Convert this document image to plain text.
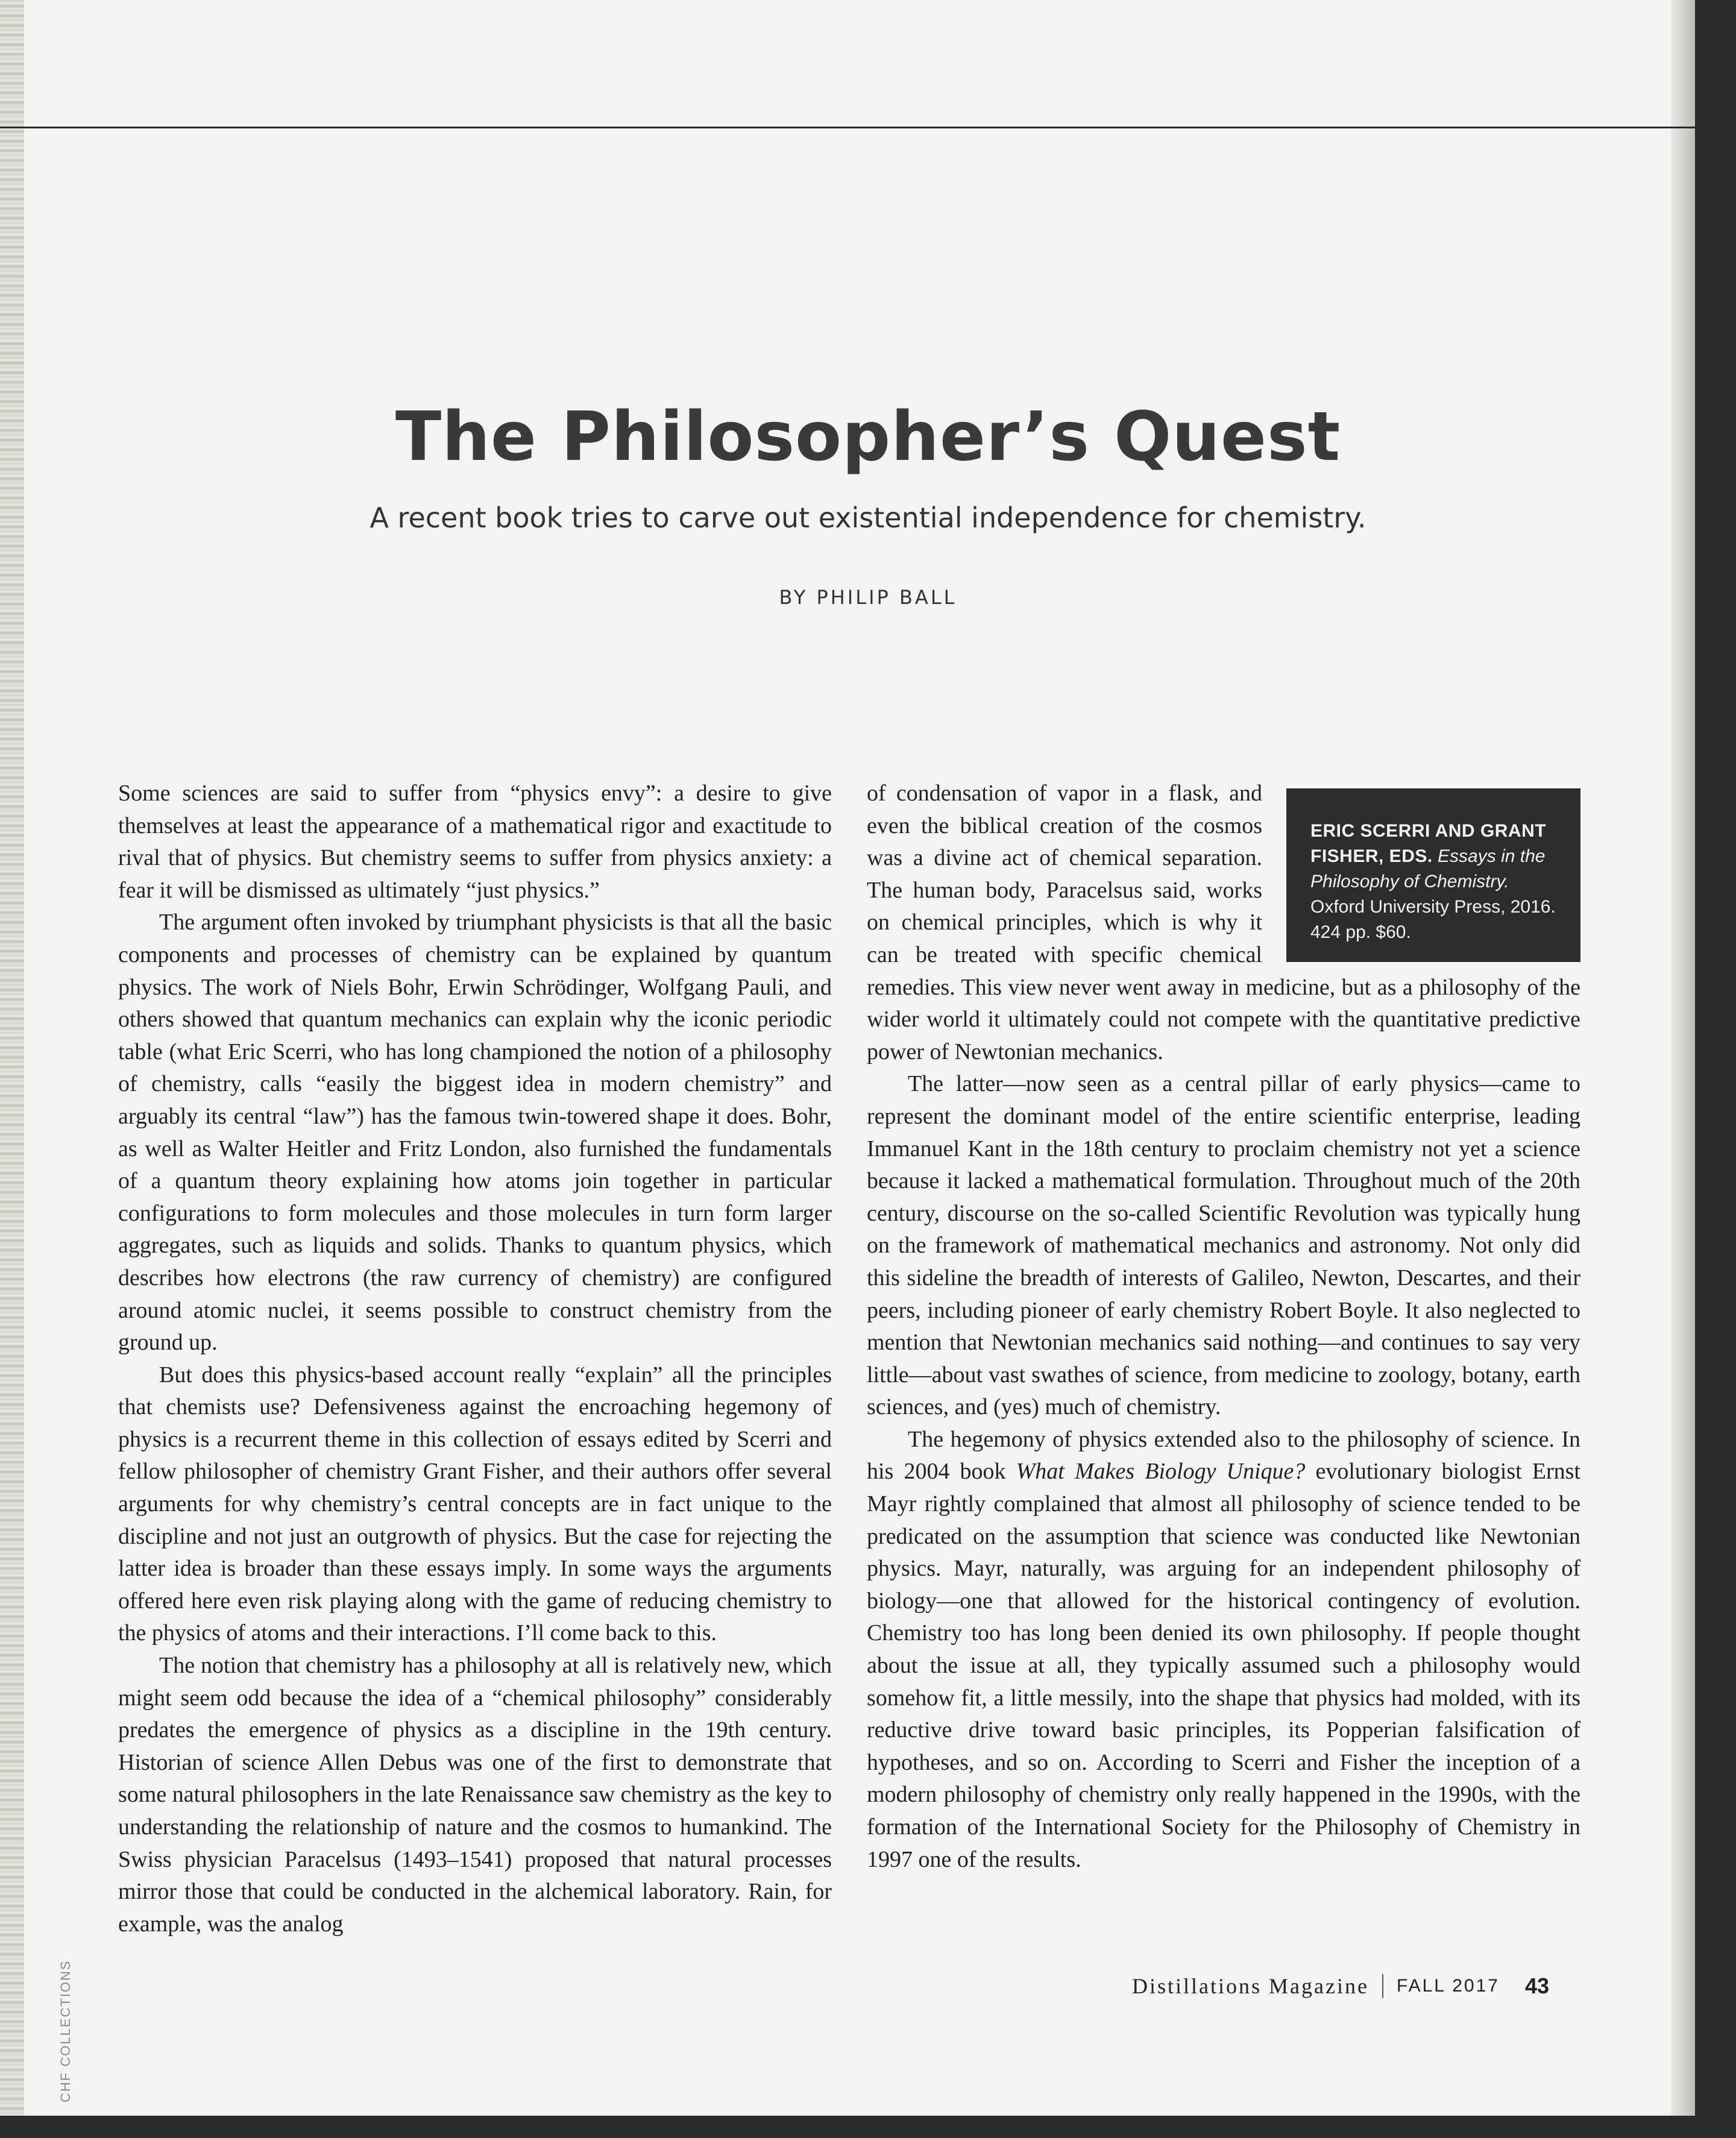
CHF COLLECTIONS
The Philosopher’s Quest
A recent book tries to carve out existential independence for chemistry.
BY PHILIP BALL

Some sciences are said to suffer from “physics envy”: a desire to give themselves at least the appearance of a mathematical rigor and exactitude to rival that of physics. But chemistry seems to suffer from physics anxiety: a fear it will be dismissed as ultimately “just physics.”

The argument often invoked by triumphant physicists is that all the basic components and processes of chemistry can be explained by quantum physics. The work of Niels Bohr, Erwin Schrödinger, Wolfgang Pauli, and others showed that quantum mechanics can explain why the iconic periodic table (what Eric Scerri, who has long championed the notion of a philosophy of chemistry, calls “easily the biggest idea in modern chemistry” and arguably its central “law”) has the famous twin-towered shape it does. Bohr, as well as Walter Heitler and Fritz London, also furnished the fundamentals of a quantum theory explaining how atoms join together in particular configurations to form molecules and those molecules in turn form larger aggregates, such as liquids and solids. Thanks to quantum physics, which describes how electrons (the raw currency of chemistry) are configured around atomic nuclei, it seems possible to construct chemistry from the ground up.

But does this physics-based account really “explain” all the principles that chemists use? Defensiveness against the encroaching hegemony of physics is a recurrent theme in this collection of essays edited by Scerri and fellow philosopher of chemistry Grant Fisher, and their authors offer several arguments for why chemistry’s central concepts are in fact unique to the discipline and not just an outgrowth of physics. But the case for rejecting the latter idea is broader than these essays imply. In some ways the arguments offered here even risk playing along with the game of reducing chemistry to the physics of atoms and their interactions. I’ll come back to this.

The notion that chemistry has a philosophy at all is relatively new, which might seem odd because the idea of a “chemical philosophy” considerably predates the emergence of physics as a discipline in the 19th century. Historian of science Allen Debus was one of the first to demonstrate that some natural philosophers in the late Renaissance saw chemistry as the key to understanding the relationship of nature and the cosmos to humankind. The Swiss physician Paracelsus (1493–1541) proposed that natural processes mirror those that could be conducted in the alchemical laboratory. Rain, for example, was the analog

ERIC SCERRI AND GRANT FISHER, EDS. Essays in the Philosophy of Chemistry. Oxford University Press, 2016. 424 pp. $60.

of condensation of vapor in a flask, and even the biblical creation of the cosmos was a divine act of chemical separation. The human body, Paracelsus said, works on chemical principles, which is why it can be treated with specific chemical remedies. This view never went away in medicine, but as a philosophy of the wider world it ultimately could not compete with the quantitative predictive power of Newtonian mechanics.

The latter—now seen as a central pillar of early physics—came to represent the dominant model of the entire scientific enterprise, leading Immanuel Kant in the 18th century to proclaim chemistry not yet a science because it lacked a mathematical formulation. Throughout much of the 20th century, discourse on the so-called Scientific Revolution was typically hung on the framework of mathematical mechanics and astronomy. Not only did this sideline the breadth of interests of Galileo, Newton, Descartes, and their peers, including pioneer of early chemistry Robert Boyle. It also neglected to mention that Newtonian mechanics said nothing—and continues to say very little—about vast swathes of science, from medicine to zoology, botany, earth sciences, and (yes) much of chemistry.

The hegemony of physics extended also to the philosophy of science. In his 2004 book What Makes Biology Unique? evolutionary biologist Ernst Mayr rightly complained that almost all philosophy of science tended to be predicated on the assumption that science was conducted like Newtonian physics. Mayr, naturally, was arguing for an independent philosophy of biology—one that allowed for the historical contingency of evolution. Chemistry too has long been denied its own philosophy. If people thought about the issue at all, they typically assumed such a philosophy would somehow fit, a little messily, into the shape that physics had molded, with its reductive drive toward basic principles, its Popperian falsification of hypotheses, and so on. According to Scerri and Fisher the inception of a modern philosophy of chemistry only really happened in the 1990s, with the formation of the International Society for the Philosophy of Chemistry in 1997 one of the results.

Distillations Magazine FALL 2017 43
